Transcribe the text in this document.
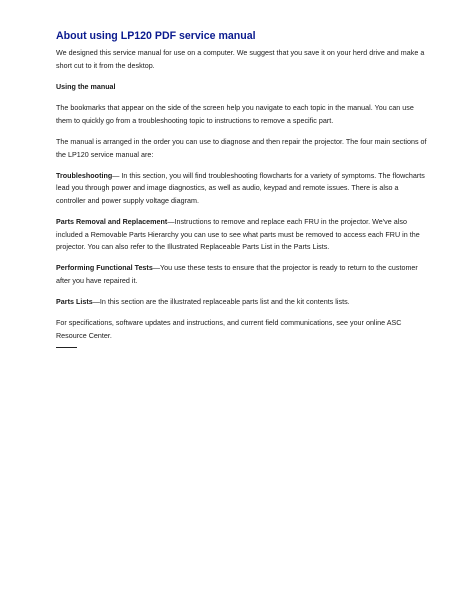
About using LP120 PDF service manual

We designed this service manual for use on a computer. We suggest that you save it on your herd drive and make a short cut to it from the desktop.

Using the manual

The bookmarks that appear on the side of the screen help you navigate to each topic in the manual. You can use them to quickly go from a troubleshooting topic to instructions to remove a specific part.

The manual is arranged in the order you can use to diagnose and then repair the projector. The four main sections of the LP120 service manual are:

Troubleshooting— In this section, you will find troubleshooting flowcharts for a variety of symptoms. The flowcharts lead you through power and image diagnostics, as well as audio, keypad and remote issues. There is also a controller and power supply voltage diagram.

Parts Removal and Replacement—Instructions to remove and replace each FRU in the projector. We've also included a Removable Parts Hierarchy you can use to see what parts must be removed to access each FRU in the projector. You can also refer to the Illustrated Replaceable Parts List in the Parts Lists.

Performing Functional Tests—You use these tests to ensure that the projector is ready to return to the customer after you have repaired it.

Parts Lists—In this section are the illustrated replaceable parts list and the kit contents lists.

For specifications, software updates and instructions, and current field communications, see your online ASC Resource Center.
